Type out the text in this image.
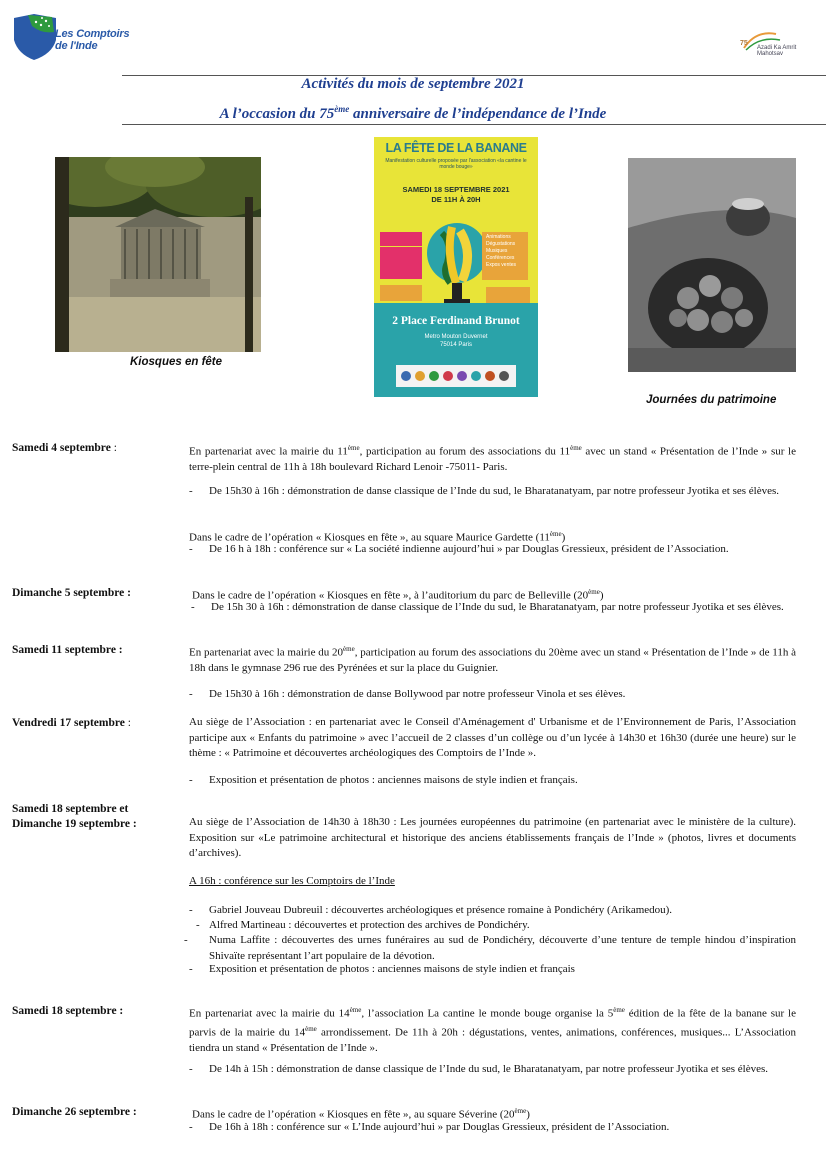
Les Comptoirs
de l'Inde	75
Azadi Ka Amrit Mahotsav
Activités du mois de septembre 2021
A l’occasion du 75ème anniversaire de l’indépendance de l’Inde
Kiosques en fête
LA FÊTE DE LA BANANE
Manifestation culturelle proposée par l'association «la cantine le monde bouge»
SAMEDI 18 SEPTEMBRE 2021
DE 11H À 20H
Animations
Dégustations
Musiques
Conférences
Expos ventes
2 Place Ferdinand Brunot
Metro Mouton Duvernet
75014 Paris
Journées du patrimoine
Samedi 4 septembre :	En partenariat avec la mairie du 11ème, participation au forum des associations du 11ème avec un stand « Présentation de l’Inde » sur le terre-plein central de 11h à 18h boulevard Richard Lenoir -75011- Paris.
- De 15h30 à 16h : démonstration de danse classique de l’Inde du sud, le Bharatanatyam, par notre professeur Jyotika et ses élèves.
Dans le cadre de l’opération « Kiosques en fête », au square Maurice Gardette (11ème)
- De 16 h à 18h : conférence sur « La société indienne aujourd’hui » par Douglas Gressieux, président de l’Association.
Dimanche 5 septembre :	Dans le cadre de l’opération « Kiosques en fête », à l’auditorium du parc de Belleville (20ème)
- De 15h 30 à 16h : démonstration de danse classique de l’Inde du sud, le Bharatanatyam, par notre professeur Jyotika et ses élèves.
Samedi 11 septembre :	En partenariat avec la mairie du 20ème, participation au forum des associations du 20ème avec un stand « Présentation de l’Inde » de 11h à 18h dans le gymnase 296 rue des Pyrénées et sur la place du Guignier.
- De 15h30 à 16h : démonstration de danse Bollywood par notre professeur Vinola et ses élèves.
Vendredi 17 septembre :	Au siège de l’Association : en partenariat avec le Conseil d'Aménagement d' Urbanisme et de l’Environnement de Paris, l’Association participe aux « Enfants du patrimoine » avec l’accueil de 2 classes d’un collège ou d’un lycée à 14h30 et 16h30 (durée une heure) sur le thème : « Patrimoine et découvertes archéologiques des Comptoirs de l’Inde ».
- Exposition et présentation de photos : anciennes maisons de style indien et français.
Samedi 18 septembre et
Dimanche 19 septembre :	Au siège de l’Association de 14h30 à 18h30 : Les journées européennes du patrimoine (en partenariat avec le ministère de la culture). Exposition sur «Le patrimoine architectural et historique des anciens établissements français de l’Inde » (photos, livres et documents d’archives).
A 16h : conférence sur les Comptoirs de l’Inde
- Gabriel Jouveau Dubreuil : découvertes archéologiques et présence romaine à Pondichéry (Arikamedou).
- Alfred Martineau : découvertes et protection des archives de Pondichéry.
- Numa Laffite : découvertes des urnes funéraires au sud de Pondichéry, découverte d’une tenture de temple hindou d’inspiration Shivaïte représentant l’art populaire de la dévotion.
- Exposition et présentation de photos : anciennes maisons de style indien et français
Samedi 18 septembre :	En partenariat avec la mairie du 14ème, l’association La cantine le monde bouge organise la 5ème édition de la fête de la banane sur le parvis de la mairie du 14ème arrondissement. De 11h à 20h : dégustations, ventes, animations, conférences, musiques... L’Association tiendra un stand « Présentation de l’Inde ».
- De 14h à 15h : démonstration de danse classique de l’Inde du sud, le Bharatanatyam, par notre professeur Jyotika et ses élèves.
Dimanche 26 septembre :	Dans le cadre de l’opération « Kiosques en fête », au square Séverine (20ème)
- De 16h à 18h : conférence sur « L’Inde aujourd’hui » par Douglas Gressieux, président de l’Association.
